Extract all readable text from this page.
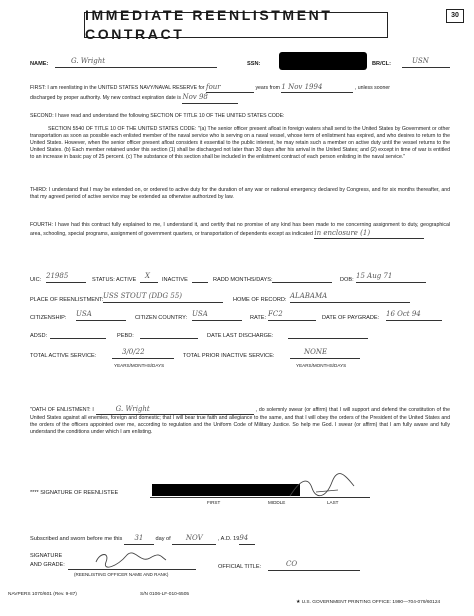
IMMEDIATE REENLISTMENT CONTRACT
30
NAME:	G. Wright	SSN:	BR/CL:	USN
FIRST: I am reenlisting in the UNITED STATES NAVY/NAVAL RESERVE for four	years from 1 Nov 1994	, unless sooner
discharged by proper authority. My new contract expiration date is Nov 98
SECOND: I have read and understand the following SECTION OF TITLE 10 OF THE UNITED STATES CODE:
SECTION 5540 OF TITLE 10 OF THE UNITED STATES CODE: "(a) The senior officer present afloat in foreign waters shall send to the United States by Government or other transportation as soon as possible each enlisted member of the naval service who is serving on a naval vessel, whose term of enlistment has expired, and who desires to return to the United States. However, when the senior officer present afloat considers it essential to the public interest, he may retain such a member on active duty until the vessel returns to the United States. (b) Each member retained under this section (1) shall be discharged not later than 30 days after his arrival in the United States; and (2) except in time of war is entitled to an increase in basic pay of 25 percent. (c) The substance of this section shall be included in the enlistment contract of each person enlisting in the naval service."
THIRD: I understand that I may be extended on, or ordered to active duty for the duration of any war or national emergency declared by Congress, and for six months thereafter, and that my agreed period of active service may be extended as otherwise authorized by law.
FOURTH: I have had this contract fully explained to me, I understand it, and certify that no promise of any kind has been made to me concerning assignment to duty, geographical area, schooling, special programs, assignment of government quarters, or transportation of dependents except as indicated in enclosure (1)
UIC: 21985	STATUS: ACTIVE	X	INACTIVE	RADD MONTHS/DAYS:	DOB: 15 Aug 71
PLACE OF REENLISTMENT: USS STOUT (DDG 55)	HOME OF RECORD: ALABAMA
CITIZENSHIP: USA	CITIZEN COUNTRY: USA	RATE: FC2	DATE OF PAYGRADE: 16 Oct 94
ADSD:	PEBD:	DATE LAST DISCHARGE:
TOTAL ACTIVE SERVICE:	3/0/22
YEARS/MONTHS/DAYS
TOTAL PRIOR INACTIVE SERVICE:	NONE
YEARS/MONTHS/DAYS
"OATH OF ENLISTMENT: I	G. Wright	, do solemnly swear (or affirm) that I will support and defend the constitution of the United States against all enemies, foreign and domestic; that I will bear true faith and allegiance to the same, and that I will obey the orders of the President of the United States and the orders of the officers appointed over me, according to regulation and the Uniform Code of Military Justice. So help me God. I swear (or affirm) that I am fully aware and fully understand the conditions under which I am enlisting.
**** SIGNATURE OF REENLISTEE
FIRST	MIDDLE	LAST
Subscribed and sworn before me this 31 day of NOV	, A.D. 1994
SIGNATURE
AND GRADE:
(REENLISTING OFFICER NAME AND RANK)
OFFICIAL TITLE:	CO
NAVPERS 1070/601 (Rev. 9-87)	S/N 0106-LF-010-6505
★ U.S. GOVERNMENT PRINTING OFFICE: 1990—704-079/60124
